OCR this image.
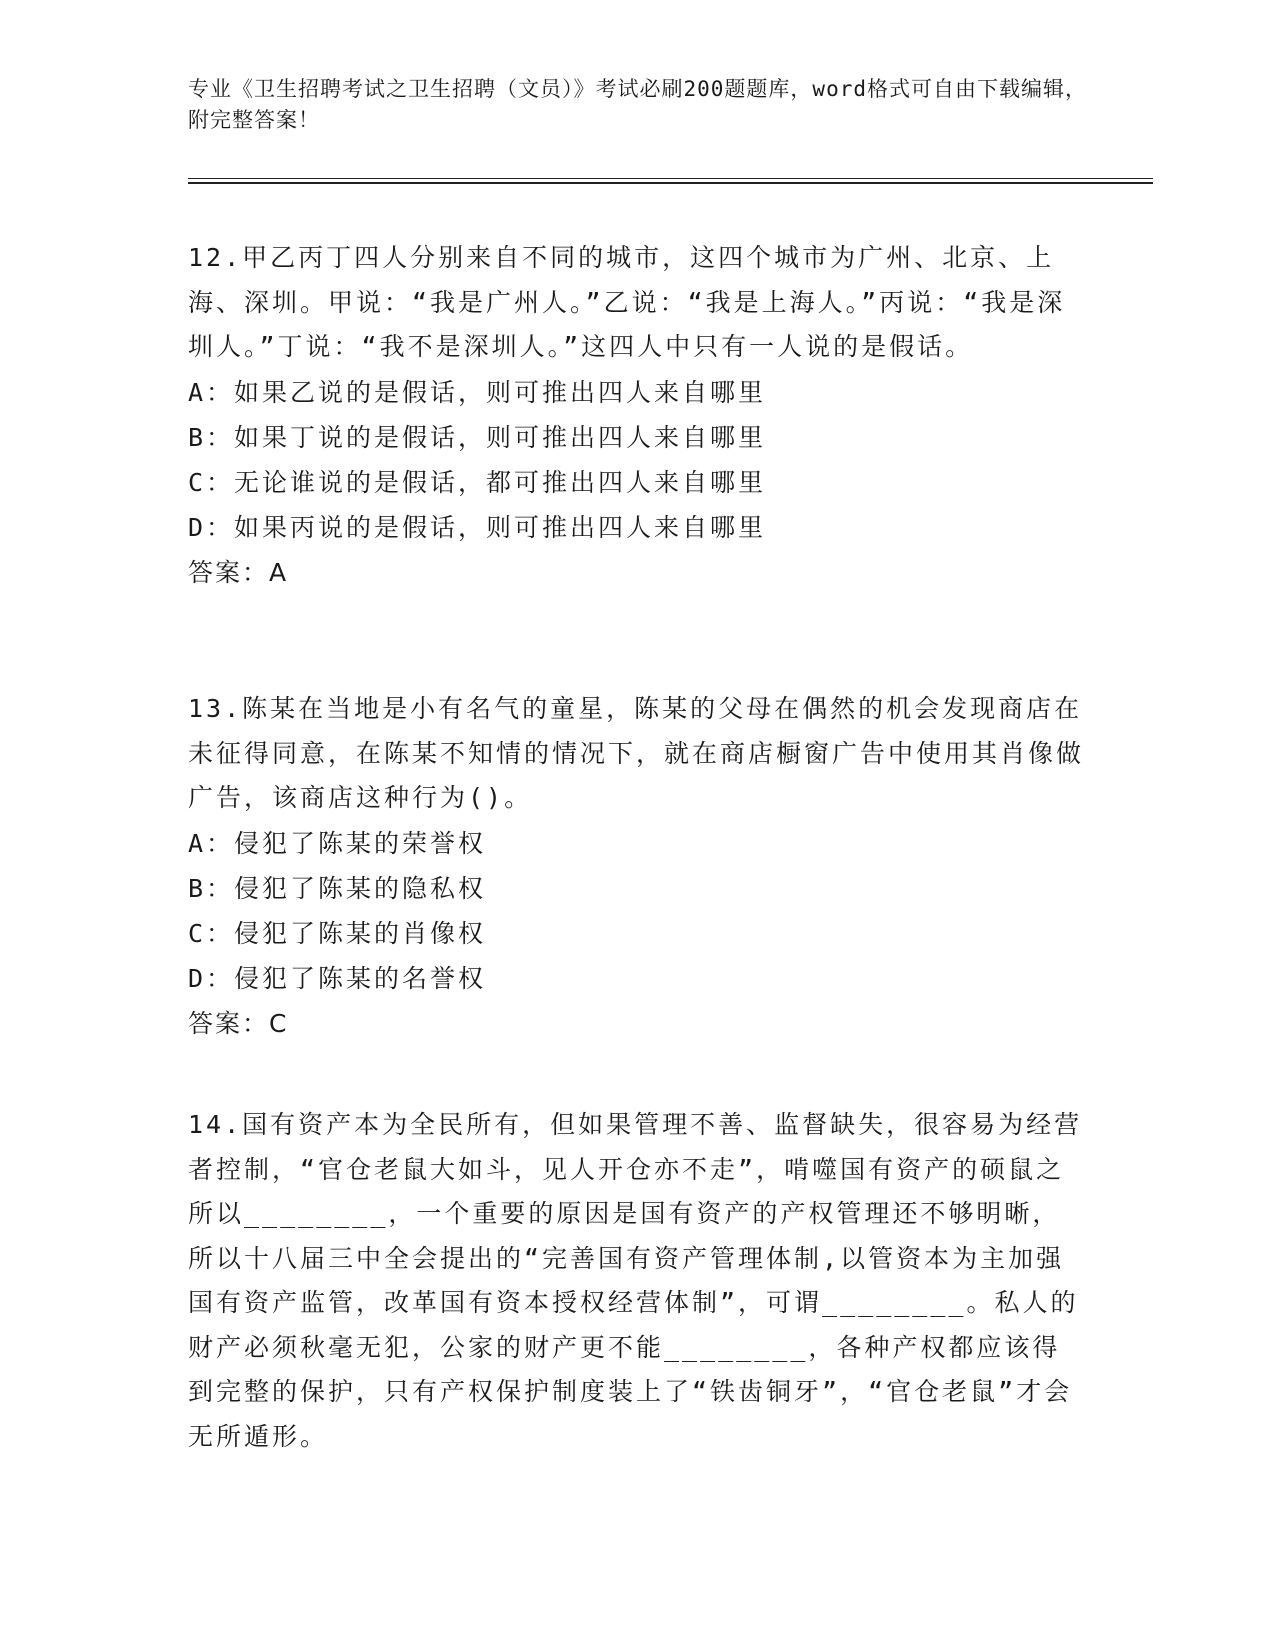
专业《卫生招聘考试之卫生招聘（文员）》考试必刷200题题库，word格式可自由下载编辑，附完整答案！
12.甲乙丙丁四人分别来自不同的城市，这四个城市为广州、北京、上海、深圳。甲说：“我是广州人。”乙说：“我是上海人。”丙说：“我是深圳人。”丁说：“我不是深圳人。”这四人中只有一人说的是假话。
A：如果乙说的是假话，则可推出四人来自哪里
B：如果丁说的是假话，则可推出四人来自哪里
C：无论谁说的是假话，都可推出四人来自哪里
D：如果丙说的是假话，则可推出四人来自哪里
答案：A
13.陈某在当地是小有名气的童星，陈某的父母在偶然的机会发现商店在未征得同意，在陈某不知情的情况下，就在商店橱窗广告中使用其肖像做广告，该商店这种行为()。
A：侵犯了陈某的荣誉权
B：侵犯了陈某的隐私权
C：侵犯了陈某的肖像权
D：侵犯了陈某的名誉权
答案：C
14.国有资产本为全民所有，但如果管理不善、监督缺失，很容易为经营者控制，“官仓老鼠大如斗，见人开仓亦不走”，啃噬国有资产的硕鼠之所以________，一个重要的原因是国有资产的产权管理还不够明晰，所以十八届三中全会提出的“完善国有资产管理体制,以管资本为主加强国有资产监管，改革国有资本授权经营体制”，可谓________。私人的财产必须秋毫无犯，公家的财产更不能________，各种产权都应该得到完整的保护，只有产权保护制度装上了“铁齿铜牙”，“官仓老鼠”才会无所遁形。
